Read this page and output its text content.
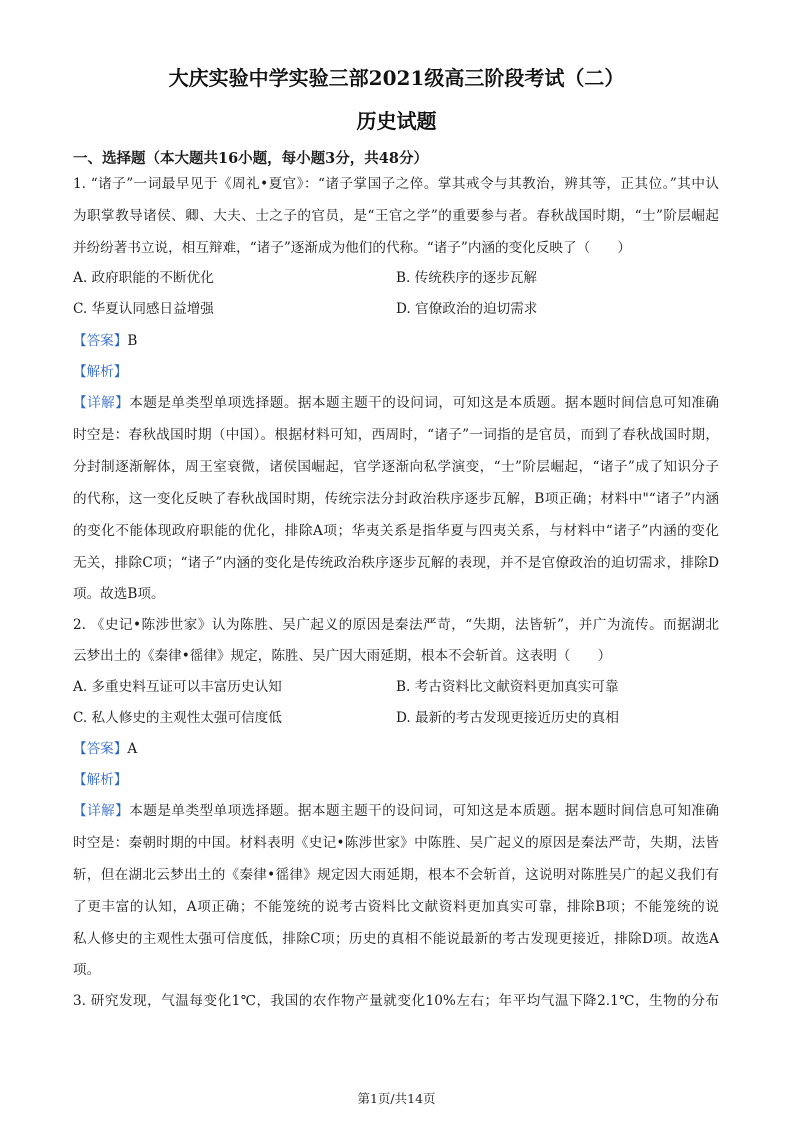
大庆实验中学实验三部2021级高三阶段考试（二）
历史试题
一、选择题（本大题共16小题，每小题3分，共48分）
1. “诸子”一词最早见于《周礼•夏官》：“诸子掌国子之倅。掌其戒令与其教治，辨其等，正其位。”其中认
为职掌教导诸侯、卿、大夫、士之子的官员，是“王官之学”的重要参与者。春秋战国时期，“士”阶层崛起
并纷纷著书立说，相互辩难，“诸子”逐渐成为他们的代称。“诸子”内涵的变化反映了（　　）
A. 政府职能的不断优化	B. 传统秩序的逐步瓦解
C. 华夏认同感日益增强	D. 官僚政治的迫切需求
【答案】B
【解析】
【详解】本题是单类型单项选择题。据本题主题干的设问词，可知这是本质题。据本题时间信息可知准确
时空是：春秋战国时期（中国）。根据材料可知，西周时，“诸子”一词指的是官员，而到了春秋战国时期，
分封制逐渐解体，周王室衰微，诸侯国崛起，官学逐渐向私学演变，“士”阶层崛起，“诸子”成了知识分子
的代称，这一变化反映了春秋战国时期，传统宗法分封政治秩序逐步瓦解，B项正确；材料中"“诸子”内涵
的变化不能体现政府职能的优化，排除A项；华夷关系是指华夏与四夷关系，与材料中“诸子”内涵的变化
无关，排除C项；“诸子”内涵的变化是传统政治秩序逐步瓦解的表现，并不是官僚政治的迫切需求，排除D
项。故选B项。
2. 《史记•陈涉世家》认为陈胜、吴广起义的原因是秦法严苛，“失期，法皆斩”，并广为流传。而据湖北
云梦出土的《秦律•徭律》规定，陈胜、吴广因大雨延期，根本不会斩首。这表明（　　）
A. 多重史料互证可以丰富历史认知	B. 考古资料比文献资料更加真实可靠
C. 私人修史的主观性太强可信度低	D. 最新的考古发现更接近历史的真相
【答案】A
【解析】
【详解】本题是单类型单项选择题。据本题主题干的设问词，可知这是本质题。据本题时间信息可知准确
时空是：秦朝时期的中国。材料表明《史记•陈涉世家》中陈胜、吴广起义的原因是秦法严苛，失期，法皆
斩，但在湖北云梦出土的《秦律•徭律》规定因大雨延期，根本不会斩首，这说明对陈胜吴广的起义我们有
了更丰富的认知，A项正确；不能笼统的说考古资料比文献资料更加真实可靠，排除B项；不能笼统的说
私人修史的主观性太强可信度低，排除C项；历史的真相不能说最新的考古发现更接近，排除D项。故选A
项。
3. 研究发现，气温每变化1℃，我国的农作物产量就变化10%左右；年平均气温下降2.1℃，生物的分布
第1页/共14页
